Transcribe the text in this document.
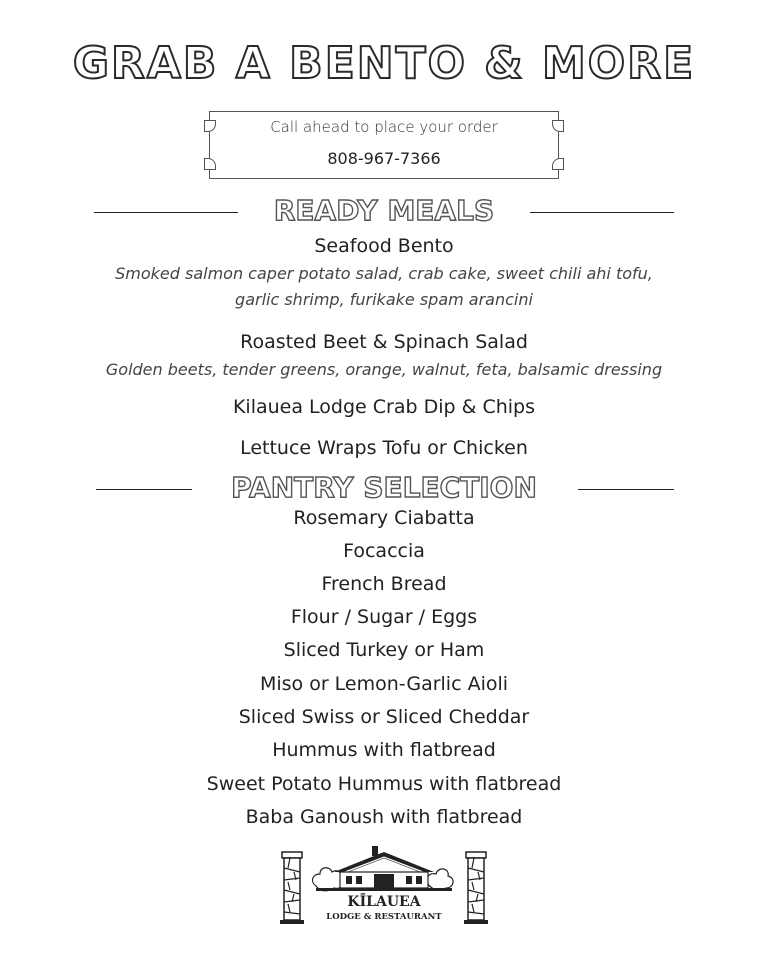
GRAB A BENTO & MORE
Call ahead to place your order
808-967-7366
READY MEALS
Seafood Bento
Smoked salmon caper potato salad, crab cake, sweet chili ahi tofu,
garlic shrimp, furikake spam arancini
Roasted Beet & Spinach Salad
Golden beets, tender greens, orange, walnut, feta, balsamic dressing
Kilauea Lodge Crab Dip & Chips
Lettuce Wraps Tofu or Chicken
PANTRY SELECTION
Rosemary Ciabatta
Focaccia
French Bread
Flour / Sugar / Eggs
Sliced Turkey or Ham
Miso or Lemon-Garlic Aioli
Sliced Swiss or Sliced Cheddar
Hummus with flatbread
Sweet Potato Hummus with flatbread
Baba Ganoush with flatbread
KĪLAUEA
LODGE & RESTAURANT
